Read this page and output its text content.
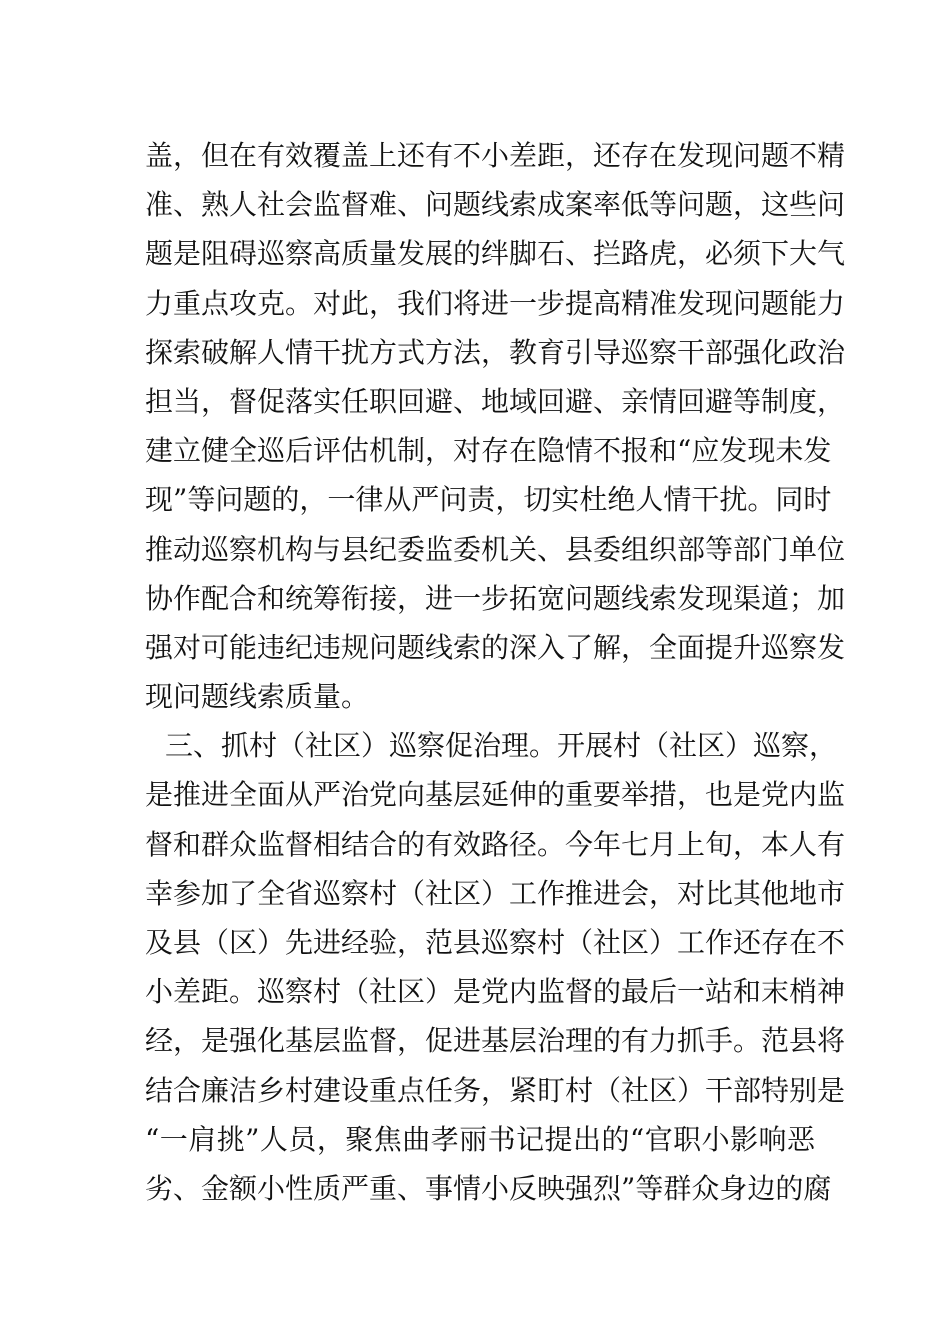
盖，但在有效覆盖上还有不小差距，还存在发现问题不精
准、熟人社会监督难、问题线索成案率低等问题，这些问
题是阻碍巡察高质量发展的绊脚石、拦路虎，必须下大气
力重点攻克。对此，我们将进一步提高精准发现问题能力
探索破解人情干扰方式方法，教育引导巡察干部强化政治
担当，督促落实任职回避、地域回避、亲情回避等制度，
建立健全巡后评估机制，对存在隐情不报和“应发现未发
现”等问题的，一律从严问责，切实杜绝人情干扰。同时
推动巡察机构与县纪委监委机关、县委组织部等部门单位
协作配合和统筹衔接，进一步拓宽问题线索发现渠道；加
强对可能违纪违规问题线索的深入了解，全面提升巡察发
现问题线索质量。
三、抓村（社区）巡察促治理。开展村（社区）巡察，
是推进全面从严治党向基层延伸的重要举措，也是党内监
督和群众监督相结合的有效路径。今年七月上旬，本人有
幸参加了全省巡察村（社区）工作推进会，对比其他地市
及县（区）先进经验，范县巡察村（社区）工作还存在不
小差距。巡察村（社区）是党内监督的最后一站和末梢神
经，是强化基层监督，促进基层治理的有力抓手。范县将
结合廉洁乡村建设重点任务，紧盯村（社区）干部特别是
“一肩挑”人员，聚焦曲孝丽书记提出的“官职小影响恶
劣、金额小性质严重、事情小反映强烈”等群众身边的腐
